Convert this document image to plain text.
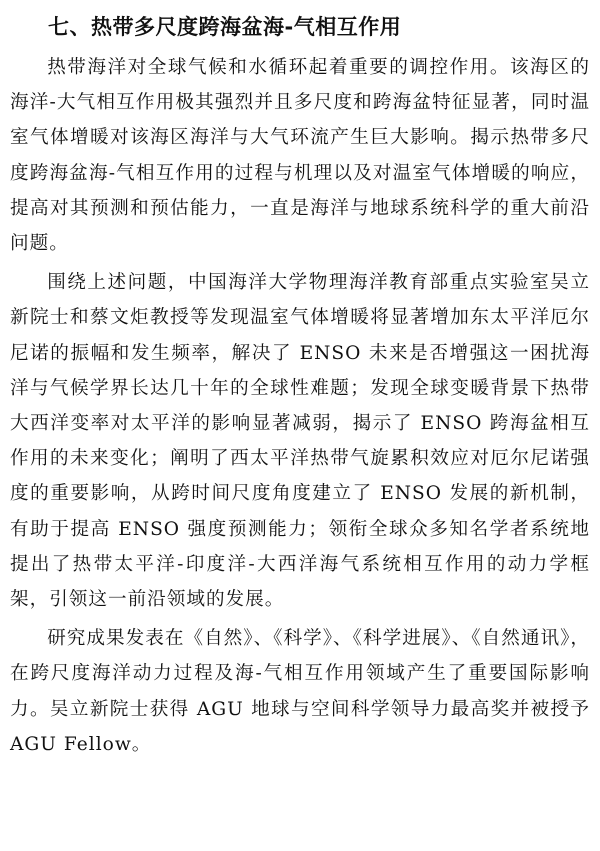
七、热带多尺度跨海盆海-气相互作用

热带海洋对全球气候和水循环起着重要的调控作用。该海区的海洋-大气相互作用极其强烈并且多尺度和跨海盆特征显著，同时温室气体增暖对该海区海洋与大气环流产生巨大影响。揭示热带多尺度跨海盆海-气相互作用的过程与机理以及对温室气体增暖的响应，提高对其预测和预估能力，一直是海洋与地球系统科学的重大前沿问题。

围绕上述问题，中国海洋大学物理海洋教育部重点实验室吴立新院士和蔡文炬教授等发现温室气体增暖将显著增加东太平洋厄尔尼诺的振幅和发生频率，解决了 ENSO 未来是否增强这一困扰海洋与气候学界长达几十年的全球性难题；发现全球变暖背景下热带大西洋变率对太平洋的影响显著减弱，揭示了 ENSO 跨海盆相互作用的未来变化；阐明了西太平洋热带气旋累积效应对厄尔尼诺强度的重要影响，从跨时间尺度角度建立了 ENSO 发展的新机制，有助于提高 ENSO 强度预测能力；领衔全球众多知名学者系统地提出了热带太平洋-印度洋-大西洋海气系统相互作用的动力学框架，引领这一前沿领域的发展。

研究成果发表在《自然》、《科学》、《科学进展》、《自然通讯》，在跨尺度海洋动力过程及海-气相互作用领域产生了重要国际影响力。吴立新院士获得 AGU 地球与空间科学领导力最高奖并被授予 AGU Fellow。
